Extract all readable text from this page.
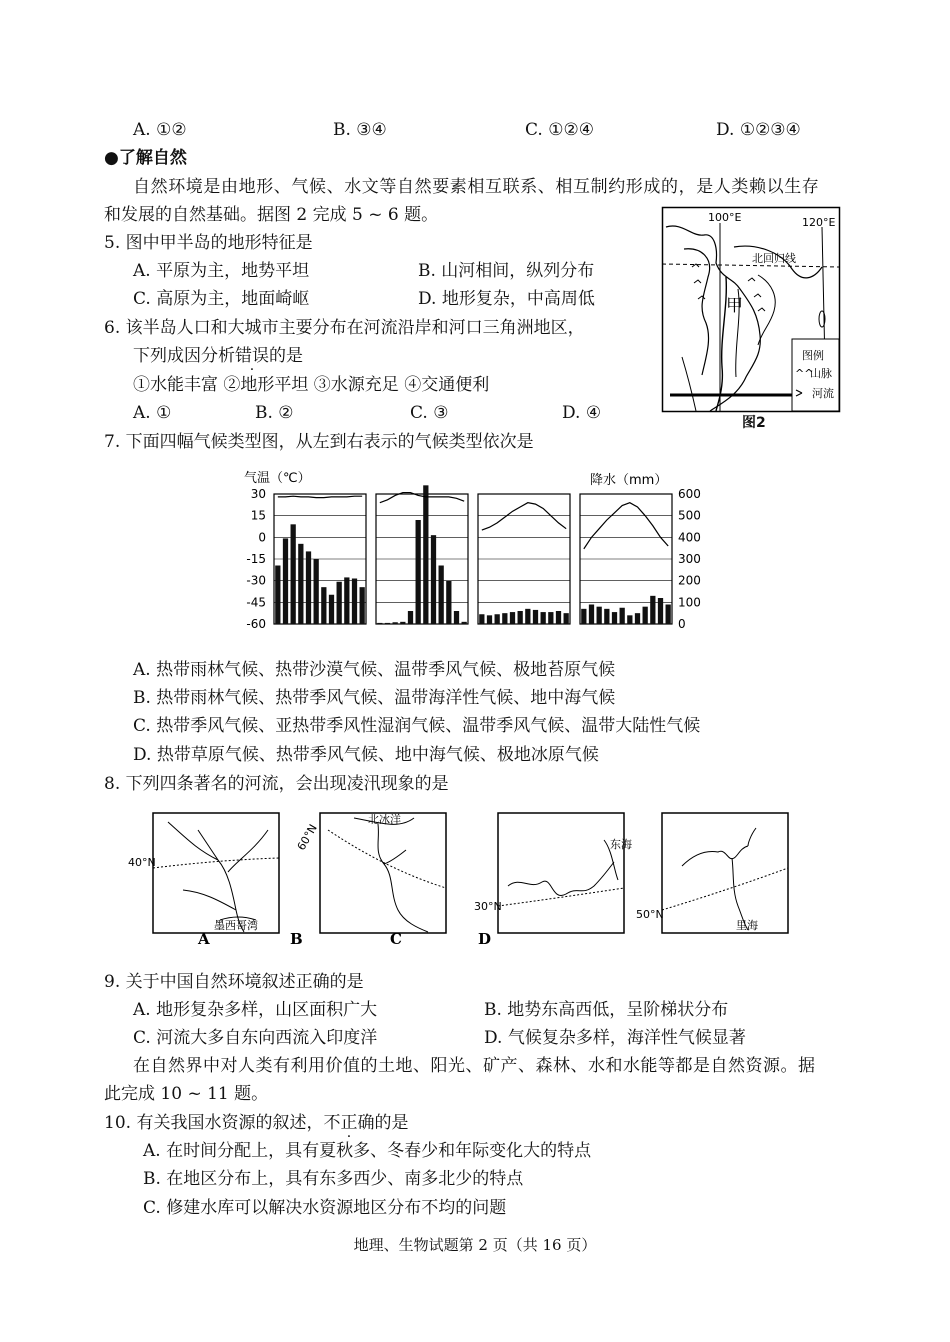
A. ①②	B. ③④	C. ①②④	D. ①②③④
●了解自然
自然环境是由地形、气候、水文等自然要素相互联系、相互制约形成的，是人类赖以生存
和发展的自然基础。据图 2 完成 5 ~ 6 题。
5. 图中甲半岛的地形特征是
A. 平原为主，地势平坦	B. 山河相间，纵列分布
C. 高原为主，地面崎岖	D. 地形复杂，中高周低
6. 该半岛人口和大城市主要分布在河流沿岸和河口三角洲地区，
下列成因分析错误的是
①水能丰富 ②地形平坦 ③水源充足 ④交通便利
A. ①	B. ②	C. ③	D. ④
100°E	120°E
北回归线
甲
图例
^^
山脉
河流
图2
7. 下面四幅气候类型图，从左到右表示的气候类型依次是
气温（℃）	降水（mm）
30
15
0
-15
-30
-45
-60
600
500
400
300
200
100
0
A. 热带雨林气候、热带沙漠气候、温带季风气候、极地苔原气候
B. 热带雨林气候、热带季风气候、温带海洋性气候、地中海气候
C. 热带季风气候、亚热带季风性湿润气候、温带季风气候、温带大陆性气候
D. 热带草原气候、热带季风气候、地中海气候、极地冰原气候
8. 下列四条著名的河流，会出现凌汛现象的是
40°N
墨西哥湾
60°N
北冰洋
30°N
东海
50°N
里海
A	B	C	D
9. 关于中国自然环境叙述正确的是
A. 地形复杂多样，山区面积广大	B. 地势东高西低，呈阶梯状分布
C. 河流大多自东向西流入印度洋	D. 气候复杂多样，海洋性气候显著
在自然界中对人类有利用价值的土地、阳光、矿产、森林、水和水能等都是自然资源。据
此完成 10 ~ 11 题。
10. 有关我国水资源的叙述，不正确的是
A. 在时间分配上，具有夏秋多、冬春少和年际变化大的特点
B. 在地区分布上，具有东多西少、南多北少的特点
C. 修建水库可以解决水资源地区分布不均的问题
地理、生物试题第 2 页（共 16 页）
